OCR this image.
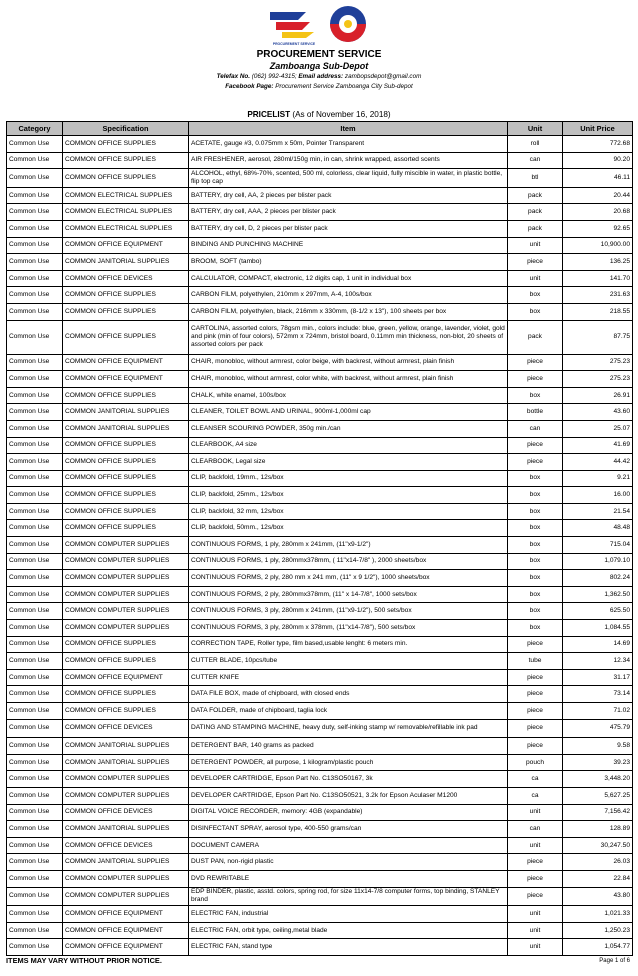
PROCUREMENT SERVICE
PROCUREMENT SERVICE
Zamboanga Sub-Depot
Telefax No. (062) 992-4315; Email address: zambopsdepot@gmail.com
Facebook Page: Procurement Service Zamboanga City Sub-depot
PRICELIST (As of November 16, 2018)
Category	Specification	Item	Unit	Unit Price
Common Use	COMMON OFFICE SUPPLIES	ACETATE, gauge #3, 0.075mm x 50m, Pointer Transparent	roll	772.68
Common Use	COMMON OFFICE SUPPLIES	AIR FRESHENER, aerosol, 280ml/150g min, in can, shrink wrapped, assorted scents	can	90.20
Common Use	COMMON OFFICE SUPPLIES	ALCOHOL, ethyl, 68%-70%, scented, 500 ml, colorless, clear liquid, fully miscible in water, in plastic bottle, flip top cap	btl	46.11
Common Use	COMMON ELECTRICAL SUPPLIES	BATTERY, dry cell, AA, 2 pieces per blister pack	pack	20.44
Common Use	COMMON ELECTRICAL SUPPLIES	BATTERY, dry cell, AAA, 2 pieces per blister pack	pack	20.68
Common Use	COMMON ELECTRICAL SUPPLIES	BATTERY, dry cell, D, 2 pieces per blister pack	pack	92.65
Common Use	COMMON OFFICE EQUIPMENT	BINDING AND PUNCHING MACHINE	unit	10,900.00
Common Use	COMMON JANITORIAL SUPPLIES	BROOM, SOFT (tambo)	piece	136.25
Common Use	COMMON OFFICE DEVICES	CALCULATOR, COMPACT, electronic, 12 digits cap, 1 unit in individual box	unit	141.70
Common Use	COMMON OFFICE SUPPLIES	CARBON FILM, polyethylen, 210mm x 297mm, A-4, 100s/box	box	231.63
Common Use	COMMON OFFICE SUPPLIES	CARBON FILM, polyethylen, black, 216mm x 330mm, (8-1/2 x 13"), 100 sheets per box	box	218.55
Common Use	COMMON OFFICE SUPPLIES	CARTOLINA, assorted colors, 78gsm min., colors include: blue, green, yellow, orange, lavender, violet, gold and pink (min of four colors), 572mm x 724mm, bristol board, 0.11mm min thickness, non-blot, 20 sheets of assorted colors per pack	pack	87.75
Common Use	COMMON OFFICE EQUIPMENT	CHAIR, monobloc, without armrest, color beige, with backrest, without armrest, plain finish	piece	275.23
Common Use	COMMON OFFICE EQUIPMENT	CHAIR, monobloc, without armrest, color white, with backrest, without armrest, plain finish	piece	275.23
Common Use	COMMON OFFICE SUPPLIES	CHALK, white enamel, 100s/box	box	26.91
Common Use	COMMON JANITORIAL SUPPLIES	CLEANER, TOILET BOWL AND URINAL, 900ml-1,000ml cap	bottle	43.60
Common Use	COMMON JANITORIAL SUPPLIES	CLEANSER SCOURING POWDER, 350g min./can	can	25.07
Common Use	COMMON OFFICE SUPPLIES	CLEARBOOK, A4 size	piece	41.69
Common Use	COMMON OFFICE SUPPLIES	CLEARBOOK, Legal size	piece	44.42
Common Use	COMMON OFFICE SUPPLIES	CLIP, backfold, 19mm., 12s/box	box	9.21
Common Use	COMMON OFFICE SUPPLIES	CLIP, backfold, 25mm., 12s/box	box	16.00
Common Use	COMMON OFFICE SUPPLIES	CLIP, backfold, 32 mm, 12s/box	box	21.54
Common Use	COMMON OFFICE SUPPLIES	CLIP, backfold, 50mm., 12s/box	box	48.48
Common Use	COMMON COMPUTER SUPPLIES	CONTINUOUS FORMS, 1 ply, 280mm x 241mm, (11"x9-1/2")	box	715.04
Common Use	COMMON COMPUTER SUPPLIES	CONTINUOUS FORMS, 1 ply, 280mmx378mm, ( 11"x14-7/8" ), 2000 sheets/box	box	1,079.10
Common Use	COMMON COMPUTER SUPPLIES	CONTINUOUS FORMS, 2 ply, 280 mm x 241 mm, (11" x 9 1/2"), 1000 sheets/box	box	802.24
Common Use	COMMON COMPUTER SUPPLIES	CONTINUOUS FORMS, 2 ply, 280mmx378mm, (11" x 14-7/8", 1000 sets/box	box	1,362.50
Common Use	COMMON COMPUTER SUPPLIES	CONTINUOUS FORMS, 3 ply, 280mm x 241mm, (11"x9-1/2"), 500 sets/box	box	625.50
Common Use	COMMON COMPUTER SUPPLIES	CONTINUOUS FORMS, 3 ply, 280mm x 378mm, (11"x14-7/8"), 500 sets/box	box	1,084.55
Common Use	COMMON OFFICE SUPPLIES	CORRECTION TAPE, Roller type, film based,usable lenght: 6 meters min.	piece	14.69
Common Use	COMMON OFFICE SUPPLIES	CUTTER BLADE, 10pcs/tube	tube	12.34
Common Use	COMMON OFFICE EQUIPMENT	CUTTER KNIFE	piece	31.17
Common Use	COMMON OFFICE SUPPLIES	DATA FILE BOX, made of chipboard, with closed ends	piece	73.14
Common Use	COMMON OFFICE SUPPLIES	DATA FOLDER, made of chipboard, taglia lock	piece	71.02
Common Use	COMMON OFFICE DEVICES	DATING AND STAMPING MACHINE, heavy duty, self-inking stamp w/ removable/refillable ink pad	piece	475.79
Common Use	COMMON JANITORIAL SUPPLIES	DETERGENT BAR, 140 grams as packed	piece	9.58
Common Use	COMMON JANITORIAL SUPPLIES	DETERGENT POWDER, all purpose, 1 kilogram/plastic pouch	pouch	39.23
Common Use	COMMON COMPUTER SUPPLIES	DEVELOPER CARTRIDGE, Epson Part No. C13SO50167, 3k	ca	3,448.20
Common Use	COMMON COMPUTER SUPPLIES	DEVELOPER CARTRIDGE, Epson Part No. C13SO50521, 3.2k for Epson Aculaser M1200	ca	5,627.25
Common Use	COMMON OFFICE DEVICES	DIGITAL VOICE RECORDER, memory: 4GB (expandable)	unit	7,156.42
Common Use	COMMON JANITORIAL SUPPLIES	DISINFECTANT SPRAY, aerosol type, 400-550 grams/can	can	128.89
Common Use	COMMON OFFICE DEVICES	DOCUMENT CAMERA	unit	30,247.50
Common Use	COMMON JANITORIAL SUPPLIES	DUST PAN, non-rigid plastic	piece	26.03
Common Use	COMMON COMPUTER SUPPLIES	DVD REWRITABLE	piece	22.84
Common Use	COMMON COMPUTER SUPPLIES	EDP BINDER, plastic, asstd. colors, spring rod, for size 11x14-7/8 computer forms, top binding, STANLEY brand	piece	43.80
Common Use	COMMON OFFICE EQUIPMENT	ELECTRIC FAN, industrial	unit	1,021.33
Common Use	COMMON OFFICE EQUIPMENT	ELECTRIC FAN, orbit type, ceiling,metal blade	unit	1,250.23
Common Use	COMMON OFFICE EQUIPMENT	ELECTRIC FAN, stand type	unit	1,054.77
ITEMS MAY VARY WITHOUT PRIOR NOTICE.	Page 1 of 6
